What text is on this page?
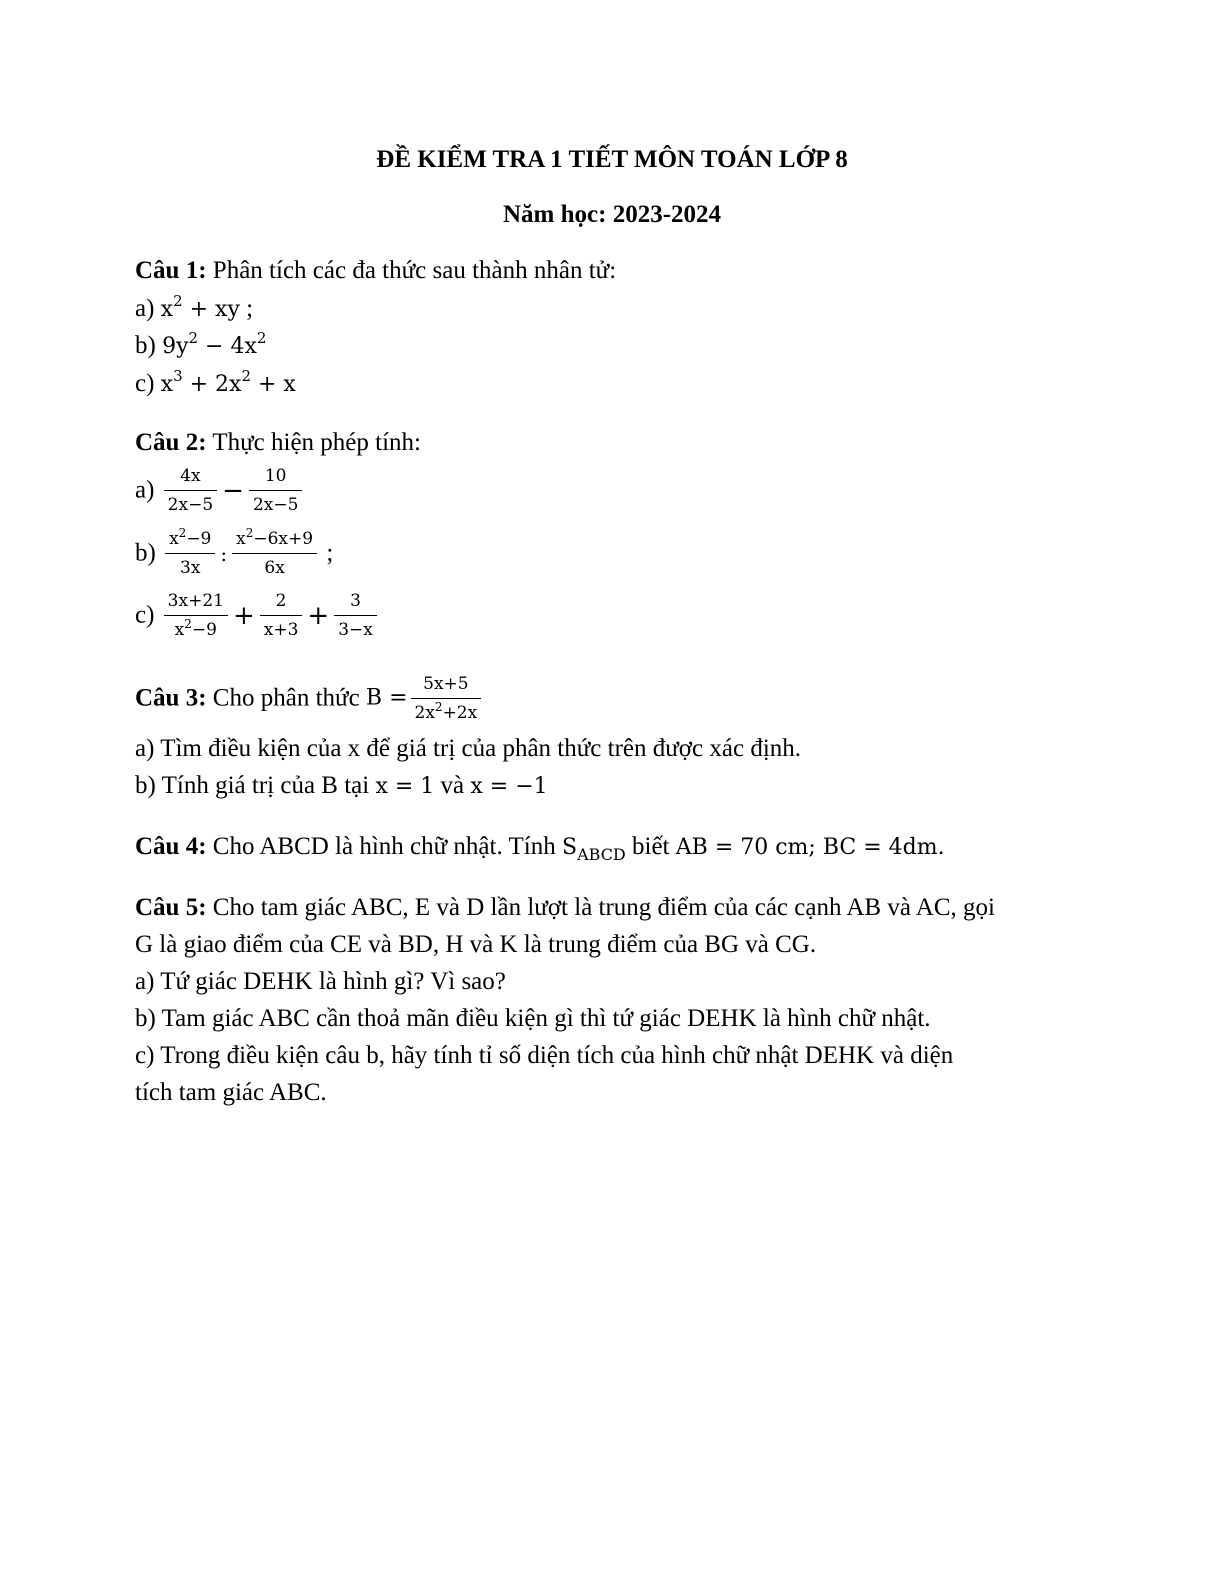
ĐỀ KIỂM TRA 1 TIẾT MÔN TOÁN LỚP 8
Năm học: 2023-2024
Câu 1: Phân tích các đa thức sau thành nhân tử:
a) $x^2$ + xy ;
b) $9y^2 - 4x^2$
c) $x^3 + 2x^2 + x$
Câu 2: Thực hiện phép tính:
$a) \frac{4x}{2x-5} - \frac{10}{2x-5}$
$b) \frac{x^2-9}{3x}$ : $\frac{x^2-6x+9}{6x}$ ;
$c) \frac{3x+21}{x^2-9} + \frac{2}{x+3} + \frac{3}{3-x}$
Câu 3: Cho phân thức $B = \frac{5x+5}{2x^2+2x}$
a) Tìm điều kiện của x để giá trị của phân thức trên được xác định.
b) Tính giá trị của B tại x = 1 và x = −1
Câu 4: Cho ABCD là hình chữ nhật. Tính $S_{ABCD}$ biết AB = 70 cm; BC = 4dm.
Câu 5: Cho tam giác ABC, E và D lần lượt là trung điểm của các cạnh AB và AC, gọi
G là giao điểm của CE và BD, H và K là trung điểm của BG và CG.
a) Tứ giác DEHK là hình gì? Vì sao?
b) Tam giác ABC cần thoả mãn điều kiện gì thì tứ giác DEHK là hình chữ nhật.
c) Trong điều kiện câu b, hãy tính tỉ số diện tích của hình chữ nhật DEHK và diện
tích tam giác ABC.
